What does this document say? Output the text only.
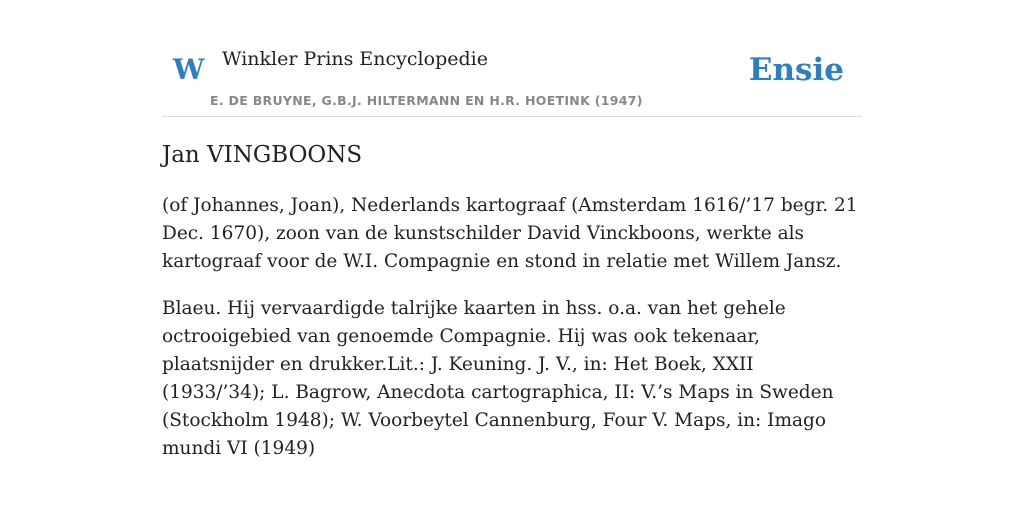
W Winkler Prins Encyclopedie
E. DE BRUYNE, G.B.J. HILTERMANN EN H.R. HOETINK (1947)
Ensie
Jan VINGBOONS

(of Johannes, Joan), Nederlands kartograaf (Amsterdam 1616/’17 begr. 21 Dec. 1670), zoon van de kunstschilder David Vinckboons, werkte als kartograaf voor de W.I. Compagnie en stond in relatie met Willem Jansz.

Blaeu. Hij vervaardigde talrijke kaarten in hss. o.a. van het gehele octrooigebied van genoemde Compagnie. Hij was ook tekenaar, plaatsnijder en drukker.Lit.: J. Keuning. J. V., in: Het Boek, XXII (1933/’34); L. Bagrow, Anecdota cartographica, II: V.’s Maps in Sweden (Stockholm 1948); W. Voorbeytel Cannenburg, Four V. Maps, in: Imago mundi VI (1949)
